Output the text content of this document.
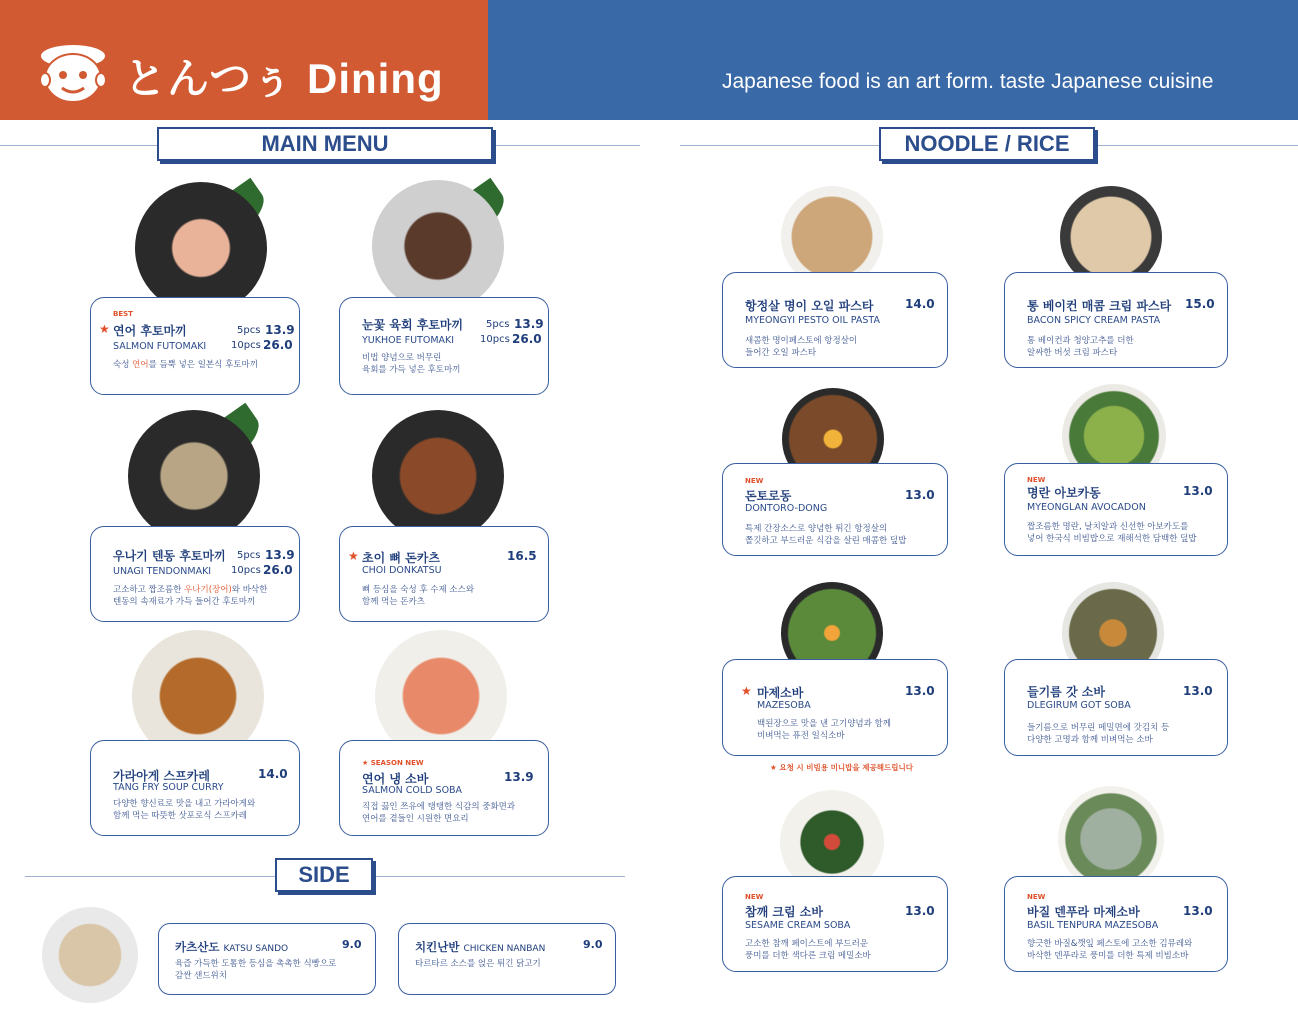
とんつぅ Dining	Japanese food is an art form. taste Japanese cuisine
MAIN MENU	NOODLE / RICE
BEST
★ 연어 후토마끼	5pcs 13.9
SALMON FUTOMAKI 10pcs 26.0
숙성 연어를 듬뿍 넣은 일본식 후토마끼
눈꽃 육회 후토마끼 5pcs 13.9
YUKHOE FUTOMAKI	10pcs 26.0
비법 양념으로 버무린
육회를 가득 넣은 후토마끼
우나기 텐동 후토마끼 5pcs 13.9
UNAGI TENDONMAKI 10pcs 26.0
고소하고 짭조름한 우나기(장어)와 바삭한
텐동의 속재료가 가득 들어간 후토마끼
★ 초이 뼈 돈카츠	16.5
CHOI DONKATSU
뼈 등심을 숙성 후 수제 소스와
함께 먹는 돈카츠
가라아게 스프카레	14.0
TANG FRY SOUP CURRY
다양한 향신료로 맛을 내고 가라아게와
함께 먹는 따뜻한 삿포로식 스프카레
★ SEASON NEW
연어 냉 소바	13.9
SALMON COLD SOBA
직접 끓인 쯔유에 탱탱한 식감의 중화면과
연어를 곁들인 시원한 면요리
SIDE
카츠산도 KATSU SANDO	9.0
육즙 가득한 도톰한 등심을 촉촉한 식빵으로
감싼 샌드위치
치킨난반 CHICKEN NANBAN	9.0
타르타르 소스를 얹은 튀긴 닭고기
항정살 명이 오일 파스타	14.0
MYEONGYI PESTO OIL PASTA
새콤한 명이페스토에 항정살이
들어간 오일 파스타
통 베이컨 매콤 크림 파스타 15.0
BACON SPICY CREAM PASTA
통 베이컨과 청양고추를 더한
알싸한 버섯 크림 파스타
NEW
돈토로동	13.0
DONTORO-DONG
특제 간장소스로 양념한 튀긴 항정살의
쫄깃하고 부드러운 식감을 살린 매콤한 덮밥
NEW
명란 아보카동	13.0
MYEONGLAN AVOCADON
짭조름한 명란, 날치알과 신선한 아보카도를
넣어 한국식 비빔밥으로 재해석한 담백한 덮밥
★ 마제소바	13.0
MAZESOBA
백된장으로 맛을 낸 고기양념과 함께
비벼먹는 퓨전 일식소바
★ 요청 시 비빔용 미니밥을 제공해드립니다
들기름 갓 소바	13.0
DLEGIRUM GOT SOBA
들기름으로 버무린 메밀면에 갓김치 등
다양한 고명과 함께 비벼먹는 소바
NEW
참깨 크림 소바	13.0
SESAME CREAM SOBA
고소한 참깨 페이스트에 부드러운
풍미를 더한 색다른 크림 메밀소바
NEW
바질 덴푸라 마제소바	13.0
BASIL TENPURA MAZESOBA
향긋한 바질&깻잎 페스토에 고소한 김뮤레와
바삭한 덴푸라로 풍미를 더한 특제 비빔소바
